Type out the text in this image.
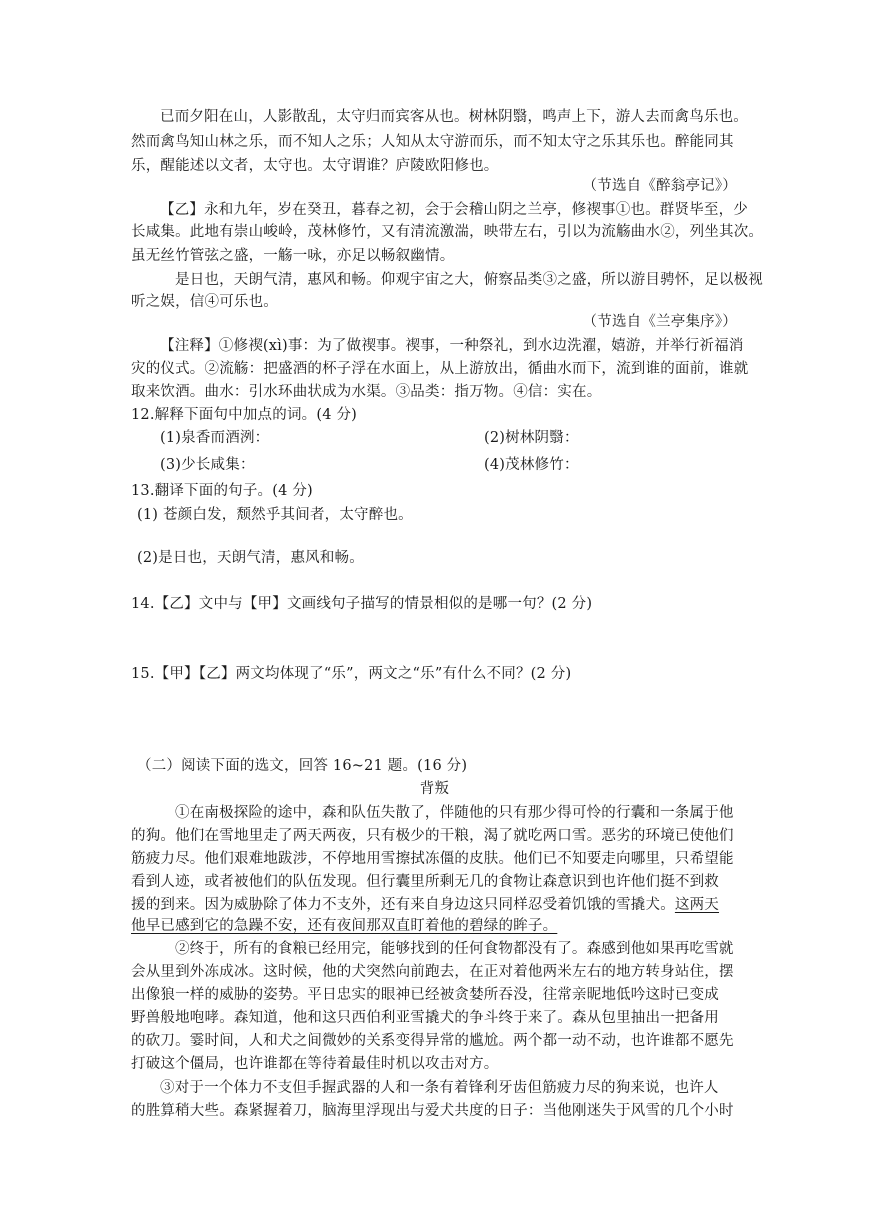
已而夕阳在山，人影散乱，太守归而宾客从也。树林阴翳，鸣声上下，游人去而禽鸟乐也。
然而禽鸟知山林之乐，而不知人之乐；人知从太守游而乐，而不知太守之乐其乐也。醉能同其
乐，醒能述以文者，太守也。太守谓谁？庐陵欧阳修也。
（节选自《醉翁亭记》）
【乙】永和九年，岁在癸丑，暮春之初，会于会稽山阴之兰亭，修禊事①也。群贤毕至，少
长咸集。此地有崇山峻岭，茂林修竹，又有清流激湍，映带左右，引以为流觞曲水②，列坐其次。
虽无丝竹管弦之盛，一觞一咏，亦足以畅叙幽情。
是日也，天朗气清，惠风和畅。仰观宇宙之大，俯察品类③之盛，所以游目骋怀，足以极视
听之娱，信④可乐也。
（节选自《兰亭集序》）
【注释】①修禊(xì)事：为了做禊事。禊事，一种祭礼，到水边洗濯，嬉游，并举行祈福消
灾的仪式。②流觞：把盛酒的杯子浮在水面上，从上游放出，循曲水而下，流到谁的面前，谁就
取来饮酒。曲水：引水环曲状成为水渠。③品类：指万物。④信：实在。
12.解释下面句中加点的词。(4 分)
(1)泉香而酒洌：	(2)树林阴翳：
(3)少长咸集：	(4)茂林修竹：
13.翻译下面的句子。(4 分)
(1) 苍颜白发，颓然乎其间者，太守醉也。
(2)是日也，天朗气清，惠风和畅。
14.【乙】文中与【甲】文画线句子描写的情景相似的是哪一句？(2 分)
15.【甲】【乙】两文均体现了“乐”，两文之“乐”有什么不同？(2 分)
（二）阅读下面的选文，回答 16~21 题。(16 分)
背叛
①在南极探险的途中，森和队伍失散了，伴随他的只有那少得可怜的行囊和一条属于他
的狗。他们在雪地里走了两天两夜，只有极少的干粮，渴了就吃两口雪。恶劣的环境已使他们
筋疲力尽。他们艰难地跋涉，不停地用雪擦拭冻僵的皮肤。他们已不知要走向哪里，只希望能
看到人迹，或者被他们的队伍发现。但行囊里所剩无几的食物让森意识到也许他们挺不到救
援的到来。因为威胁除了体力不支外，还有来自身边这只同样忍受着饥饿的雪撬犬。这两天
他早已感到它的急躁不安，还有夜间那双直盯着他的碧绿的眸子。
②终于，所有的食粮已经用完，能够找到的任何食物都没有了。森感到他如果再吃雪就
会从里到外冻成冰。这时候，他的犬突然向前跑去，在正对着他两米左右的地方转身站住，摆
出像狼一样的威胁的姿势。平日忠实的眼神已经被贪婪所吞没，往常亲昵地低吟这时已变成
野兽般地咆哮。森知道，他和这只西伯利亚雪撬犬的争斗终于来了。森从包里抽出一把备用
的砍刀。霎时间，人和犬之间微妙的关系变得异常的尴尬。两个都一动不动，也许谁都不愿先
打破这个僵局，也许谁都在等待着最佳时机以攻击对方。
③对于一个体力不支但手握武器的人和一条有着锋利牙齿但筋疲力尽的狗来说，也许人
的胜算稍大些。森紧握着刀，脑海里浮现出与爱犬共度的日子：当他刚迷失于风雪的几个小时
